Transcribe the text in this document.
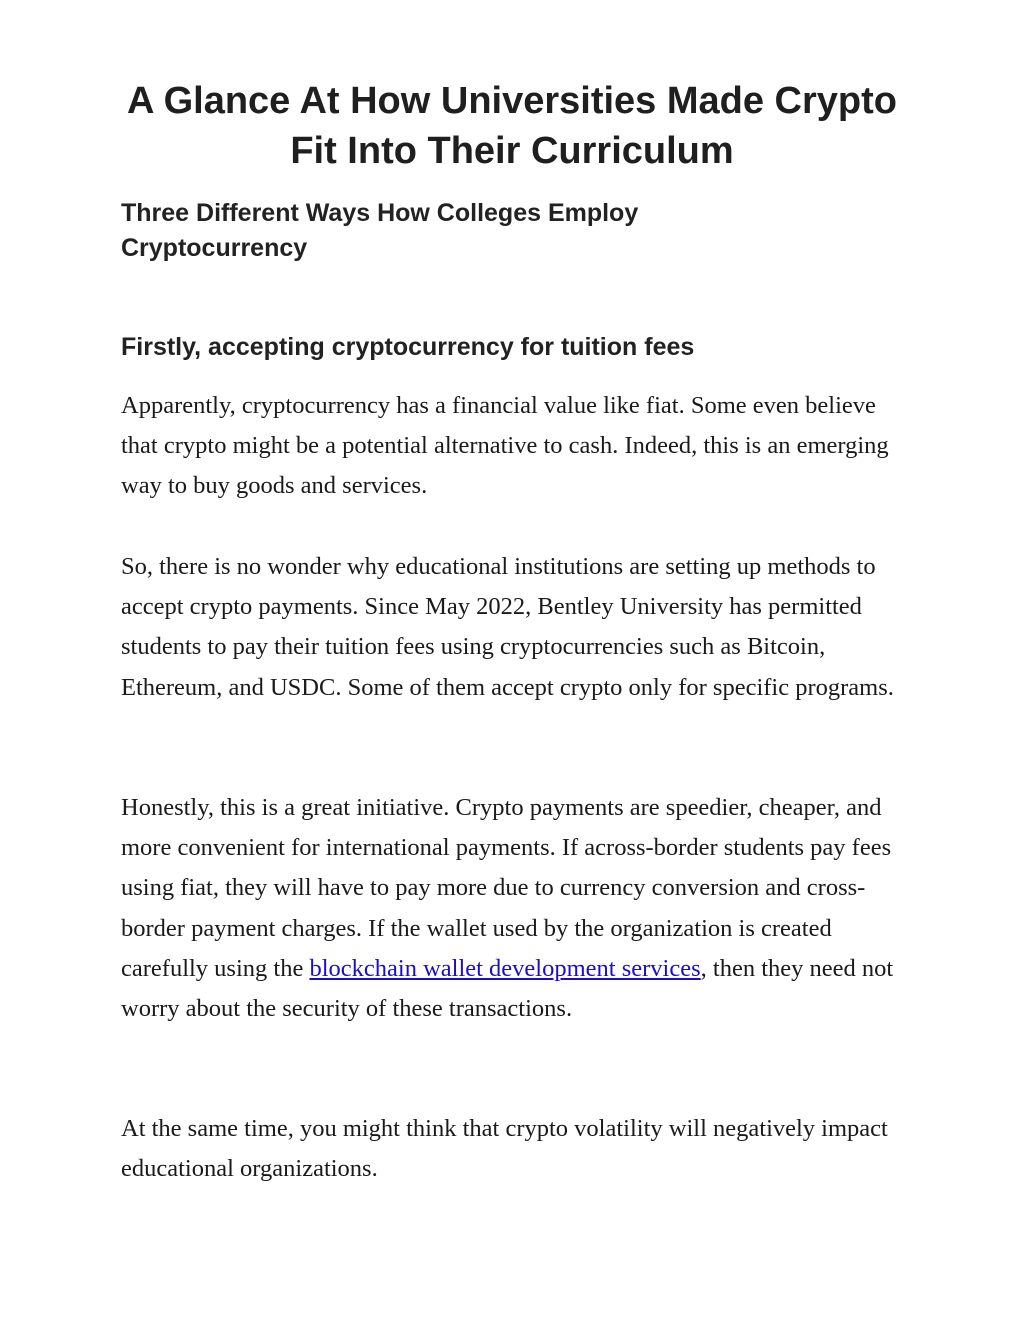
A Glance At How Universities Made Crypto Fit Into Their Curriculum
Three Different Ways How Colleges Employ Cryptocurrency
Firstly, accepting cryptocurrency for tuition fees

Apparently, cryptocurrency has a financial value like fiat. Some even believe that crypto might be a potential alternative to cash. Indeed, this is an emerging way to buy goods and services.

So, there is no wonder why educational institutions are setting up methods to accept crypto payments. Since May 2022, Bentley University has permitted students to pay their tuition fees using cryptocurrencies such as Bitcoin, Ethereum, and USDC. Some of them accept crypto only for specific programs.

Honestly, this is a great initiative. Crypto payments are speedier, cheaper, and more convenient for international payments. If across-border students pay fees using fiat, they will have to pay more due to currency conversion and cross-border payment charges. If the wallet used by the organization is created carefully using the blockchain wallet development services, then they need not worry about the security of these transactions.

At the same time, you might think that crypto volatility will negatively impact educational organizations.
